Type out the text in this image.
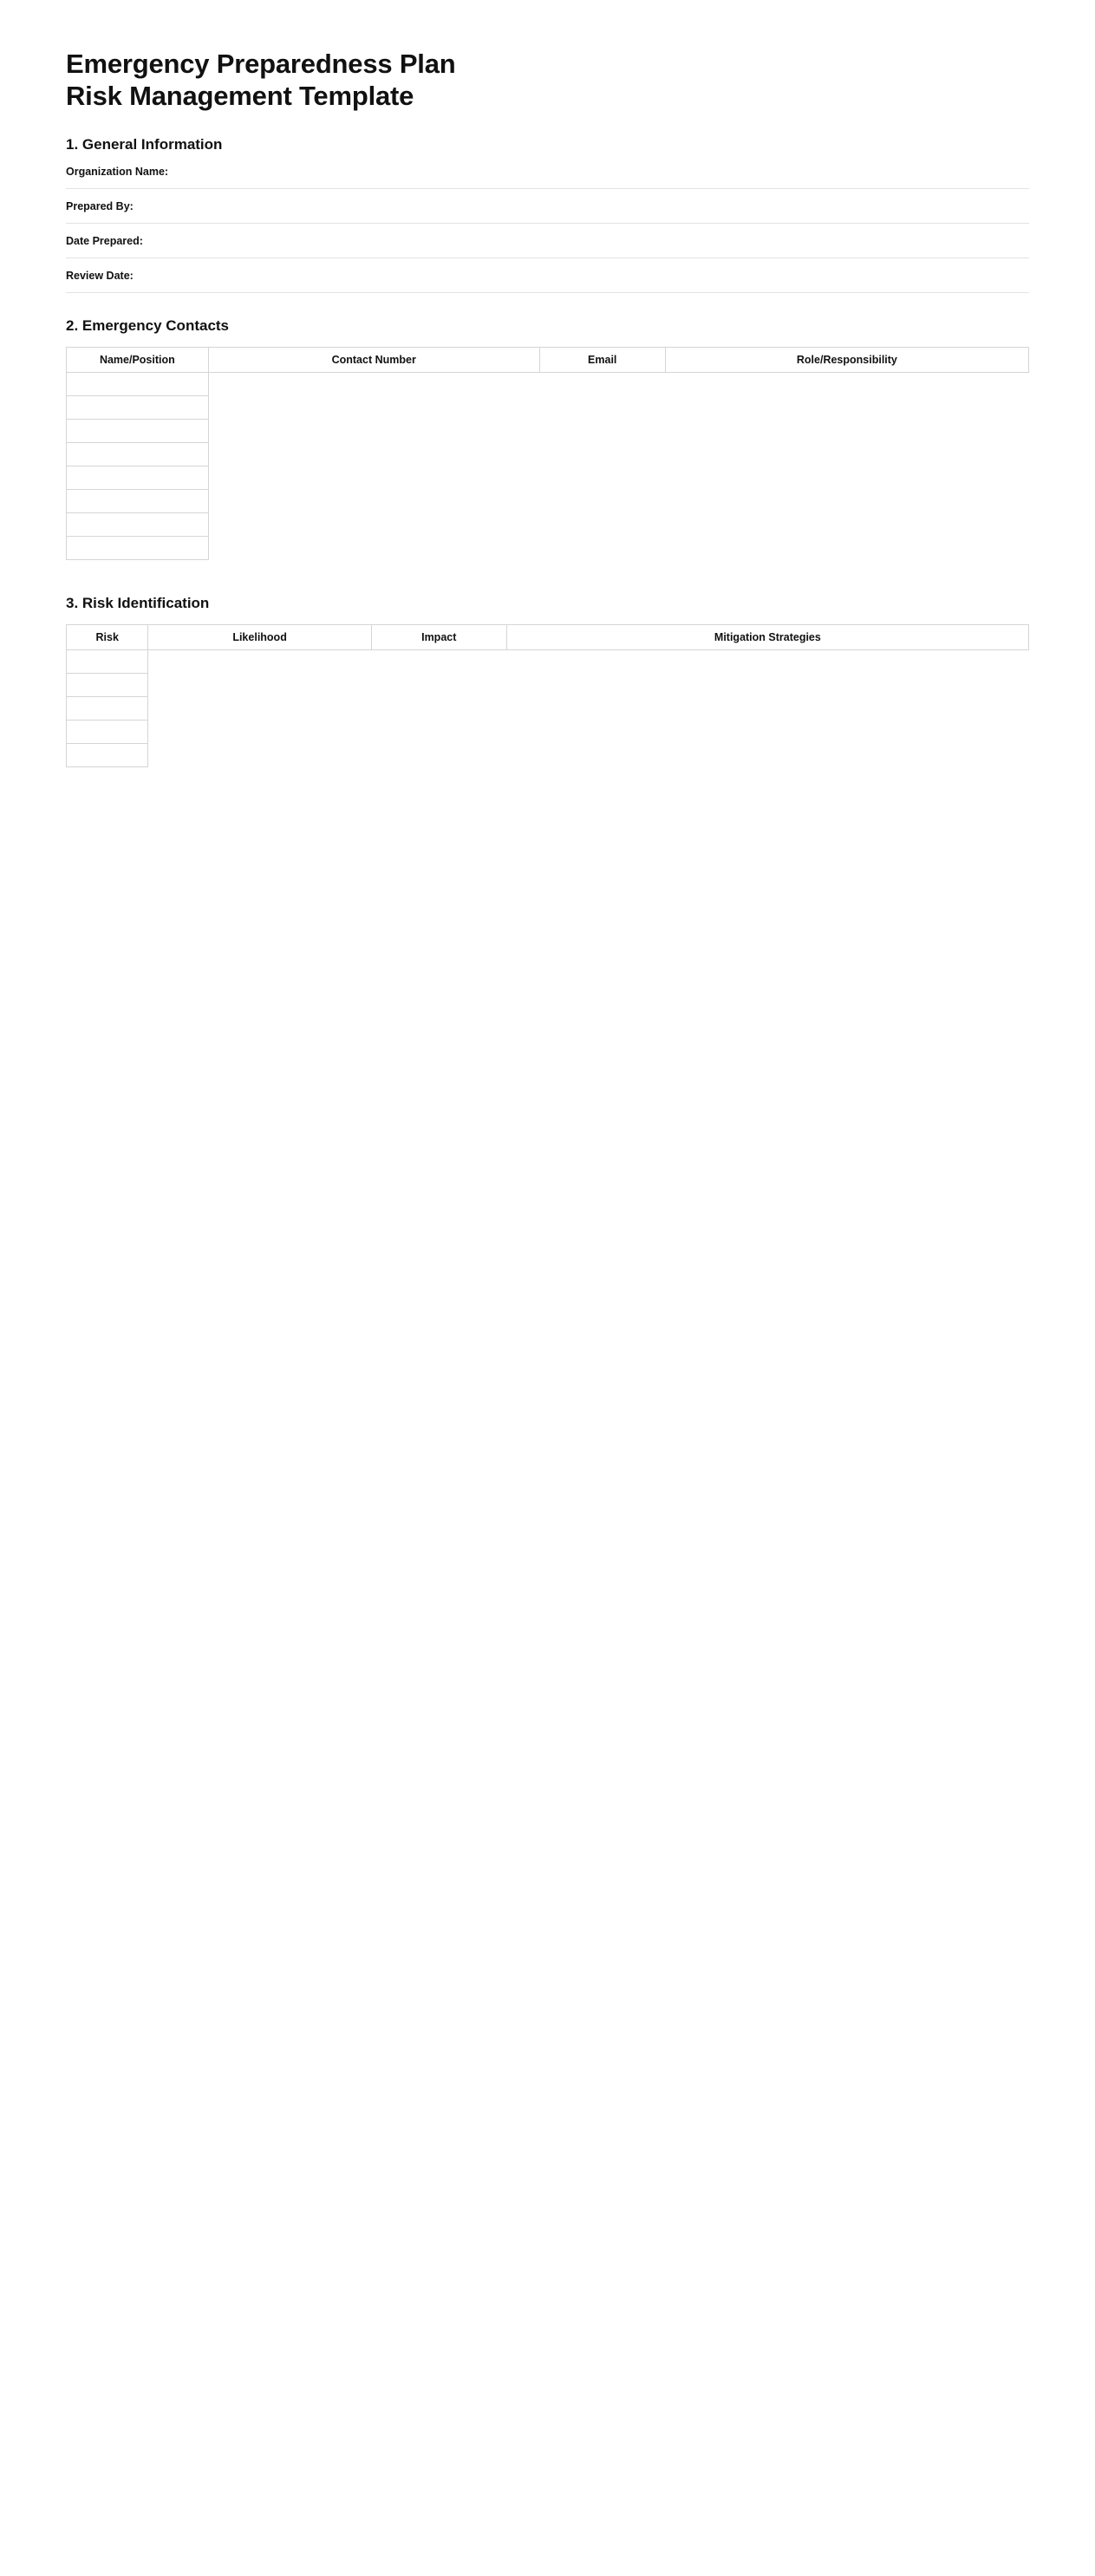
Emergency Preparedness Plan
Risk Management Template
1. General Information
Organization Name:
Prepared By:
Date Prepared:
Review Date:
2. Emergency Contacts
Name/Position	Contact Number	Email	Role/Responsibility

3. Risk Identification
Risk	Likelihood	Impact	Mitigation Strategies
